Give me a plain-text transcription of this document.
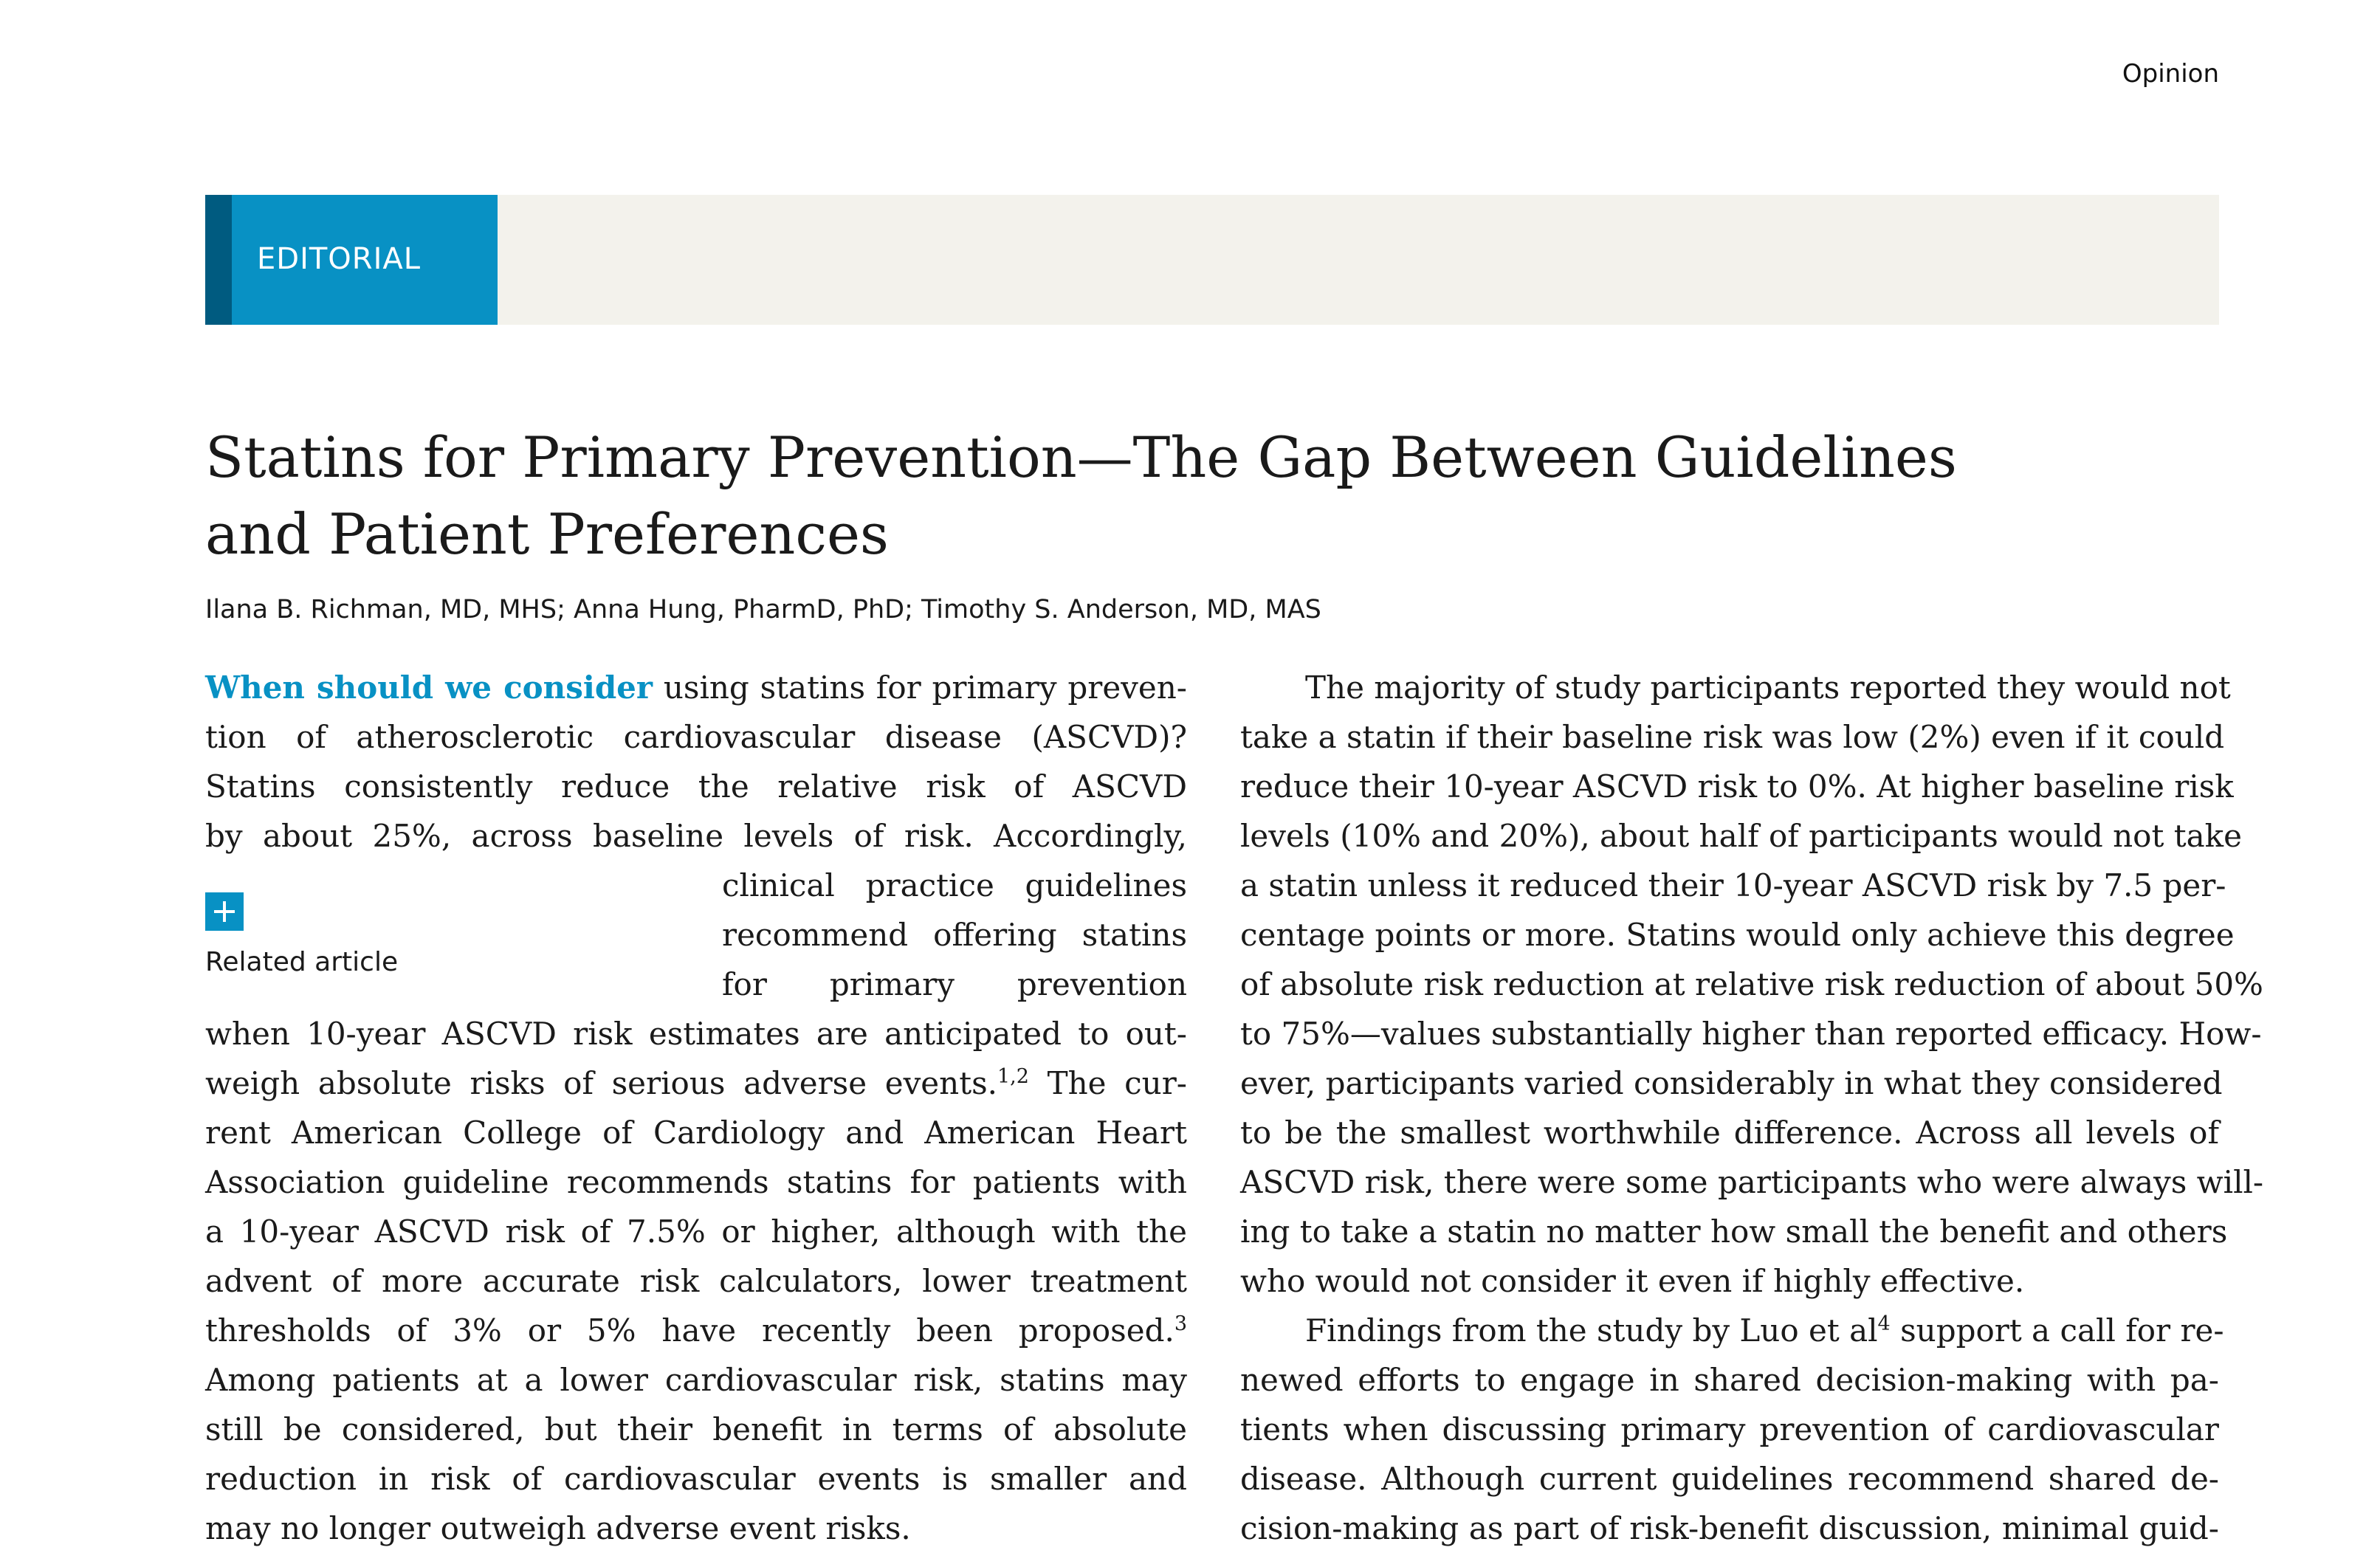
Opinion
EDITORIAL
Statins for Primary Prevention—The Gap Between Guidelines
and Patient Preferences
Ilana B. Richman, MD, MHS; Anna Hung, PharmD, PhD; Timothy S. Anderson, MD, MAS
When should we consider using statins for primary preven-
tion of atherosclerotic cardiovascular disease (ASCVD)?
Statins consistently reduce the relative risk of ASCVD
by about 25%, across baseline levels of risk. Accordingly,
clinical practice guidelines
recommend offering statins
for primary prevention
when 10-year ASCVD risk estimates are anticipated to out-
weigh absolute risks of serious adverse events.$^{1,2}$ The cur-
rent American College of Cardiology and American Heart
Association guideline recommends statins for patients with
a 10-year ASCVD risk of 7.5% or higher, although with the
advent of more accurate risk calculators, lower treatment
thresholds of 3% or 5% have recently been proposed.$^3$
Among patients at a lower cardiovascular risk, statins may
still be considered, but their benefit in terms of absolute
reduction in risk of cardiovascular events is smaller and
may no longer outweigh adverse event risks.
Related article
The majority of study participants reported they would not
take a statin if their baseline risk was low (2%) even if it could
reduce their 10-year ASCVD risk to 0%. At higher baseline risk
levels (10% and 20%), about half of participants would not take
a statin unless it reduced their 10-year ASCVD risk by 7.5 per-
centage points or more. Statins would only achieve this degree
of absolute risk reduction at relative risk reduction of about 50%
to 75%—values substantially higher than reported efficacy. How-
ever, participants varied considerably in what they considered
to be the smallest worthwhile difference. Across all levels of
ASCVD risk, there were some participants who were always will-
ing to take a statin no matter how small the benefit and others
who would not consider it even if highly effective.
Findings from the study by Luo et $al^4$ support a call for re-
newed efforts to engage in shared decision-making with pa-
tients when discussing primary prevention of cardiovascular
disease. Although current guidelines recommend shared de-
cision-making as part of risk-benefit discussion, minimal guid-
